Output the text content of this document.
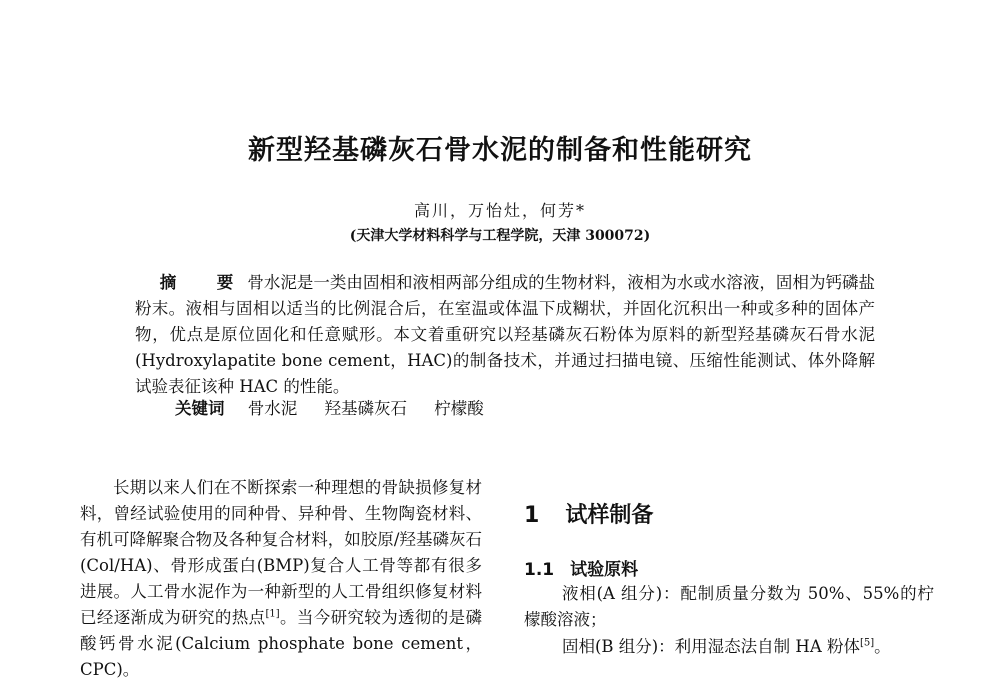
新型羟基磷灰石骨水泥的制备和性能研究
高川，万怡灶，何芳*
(天津大学材料科学与工程学院，天津 300072)
摘　要 骨水泥是一类由固相和液相两部分组成的生物材料，液相为水或水溶液，固相为钙磷盐粉末。液相与固相以适当的比例混合后，在室温或体温下成糊状，并固化沉积出一种或多种的固体产物，优点是原位固化和任意赋形。本文着重研究以羟基磷灰石粉体为原料的新型羟基磷灰石骨水泥(Hydroxylapatite bone cement，HAC)的制备技术，并通过扫描电镜、压缩性能测试、体外降解试验表征该种 HAC 的性能。
关键词 骨水泥 羟基磷灰石 柠檬酸
长期以来人们在不断探索一种理想的骨缺损修复材料，曾经试验使用的同种骨、异种骨、生物陶瓷材料、有机可降解聚合物及各种复合材料，如胶原/羟基磷灰石(Col/HA)、骨形成蛋白(BMP)复合人工骨等都有很多进展。人工骨水泥作为一种新型的人工骨组织修复材料已经逐渐成为研究的热点[1]。当今研究较为透彻的是磷酸钙骨水泥(Calcium phosphate bone cement，CPC)。
1 试样制备
1.1 试验原料
液相(A 组分)：配制质量分数为 50%、55%的柠檬酸溶液；
固相(B 组分)：利用湿态法自制 HA 粉体[5]。
